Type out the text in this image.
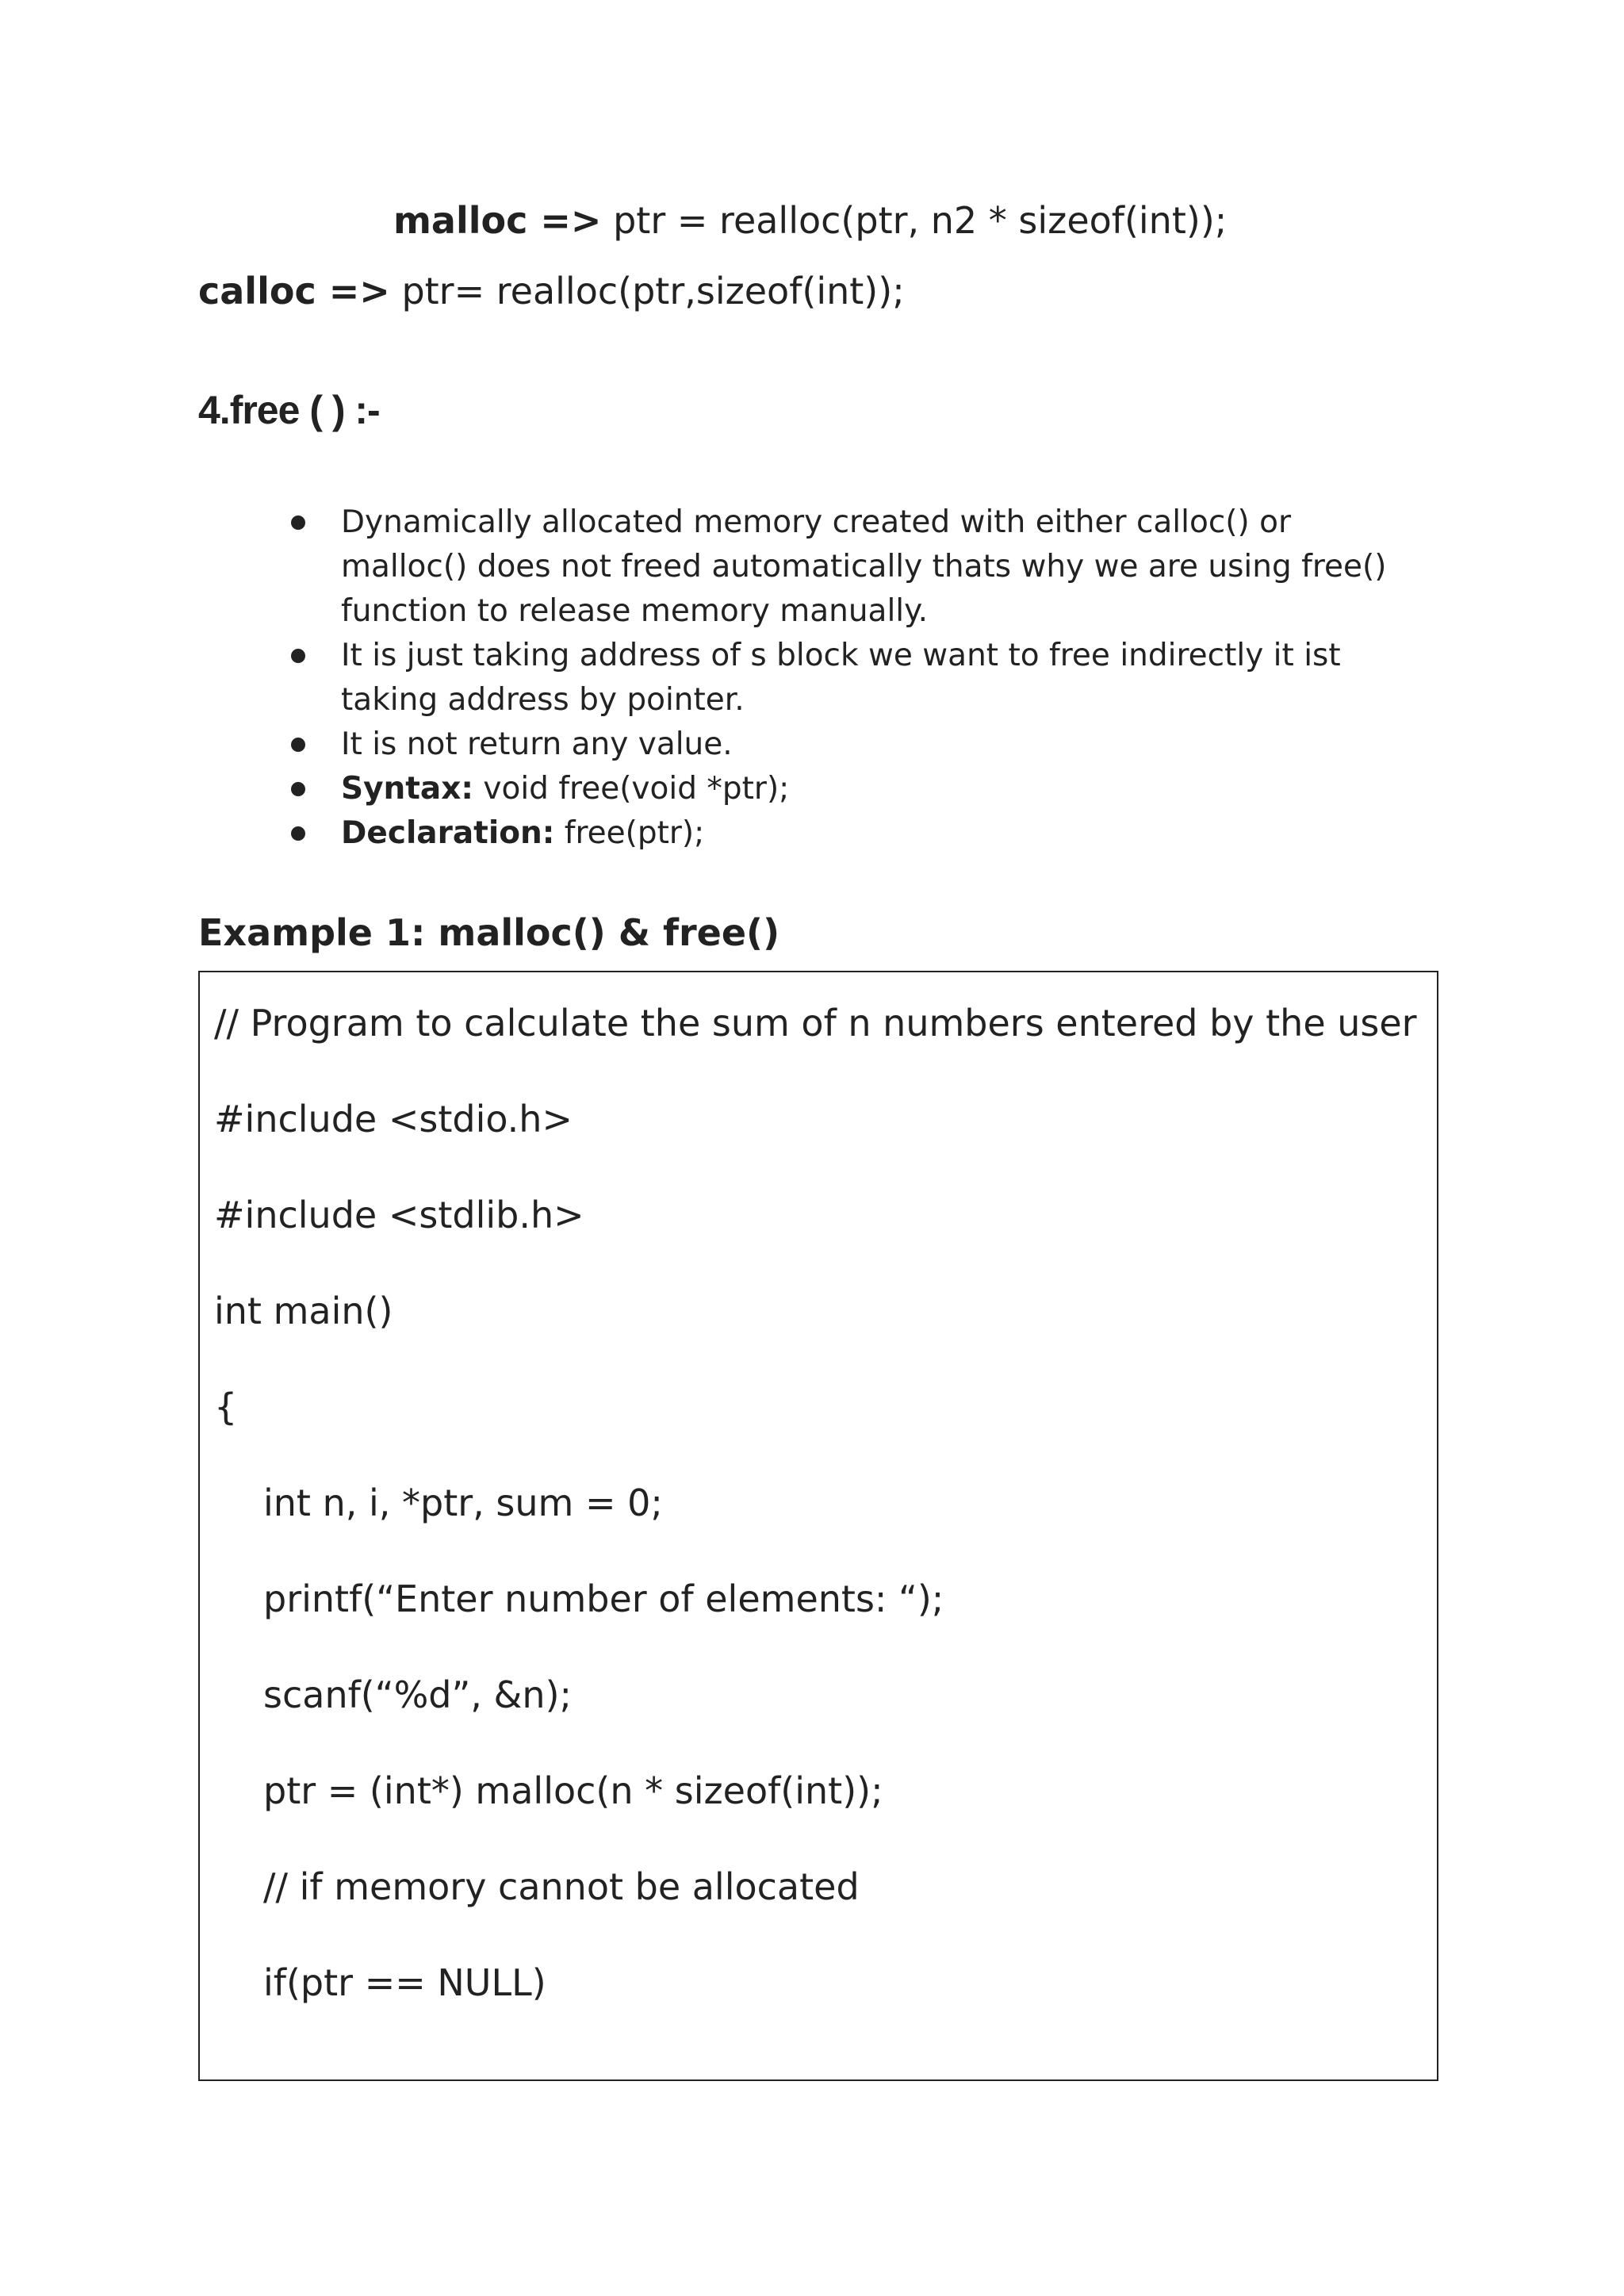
malloc => ptr = realloc(ptr, n2 * sizeof(int));
calloc => ptr= realloc(ptr,sizeof(int));
4.free ( ) :-
Dynamically allocated memory created with either calloc() or
malloc() does not freed automatically thats why we are using free()
function to release memory manually.
It is just taking address of s block we want to free indirectly it ist
taking address by pointer.
It is not return any value.
Syntax: void free(void *ptr);
Declaration: free(ptr);
Example 1: malloc() & free()
// Program to calculate the sum of n numbers entered by the user
#include <stdio.h>
#include <stdlib.h>
int main()
{
int n, i, *ptr, sum = 0;
printf(“Enter number of elements: “);
scanf(“%d”, &n);
ptr = (int*) malloc(n * sizeof(int));
// if memory cannot be allocated
if(ptr == NULL)
